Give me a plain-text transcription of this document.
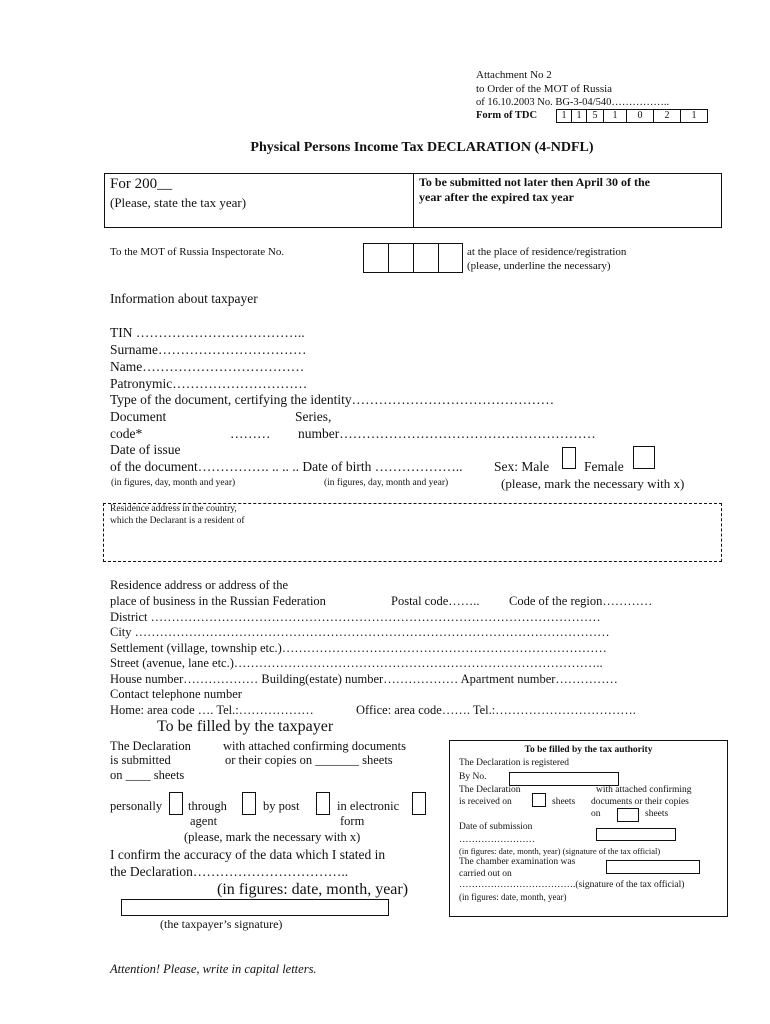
Attachment No 2
to Order of the MOT of Russia
of 16.10.2003 No. BG-3-04/540……………..
Form of TDC	1	1	5	1	0	2	1
Physical Persons Income Tax DECLARATION (4-NDFL)
For 200__
(Please, state the tax year)
To be submitted not later then April 30 of the
year after the expired tax year
To the MOT of Russia Inspectorate No.	at the place of residence/registration
(please, underline the necessary)
Information about taxpayer
TIN ………………………………..
Surname……………………………
Name………………………………
Patronymic…………………………
Type of the document, certifying the identity………………………………………
Document	Series,
code*	……… number…………………………………………………
Date of issue
of the document……………. .. .. .. Date of birth ……………….. Sex: Male	Female
(in figures, day, month and year)	(in figures, day, month and year)	(please, mark the necessary with x)
Residence address in the country,
which the Declarant is a resident of
Residence address or address of the
place of business in the Russian Federation	Postal code…….. Code of the region…………
District ………………………………………………………………………………………………
City ……………………………………………………………………………………………………
Settlement (village, township etc.)……………………………………………………………………
Street (avenue, lane etc.)……………………………………………………………………………..
House number……………… Building(estate) number……………… Apartment number……………
Contact telephone number
Home: area code …. Tel.:………………	Office: area code……. Tel.:…………………………….
To be filled by the taxpayer
The Declaration
is submitted
on ____ sheets
with attached confirming documents
or their copies on _______ sheets
personally through
agent
by post	in electronic
form
(please, mark the necessary with x)
I confirm the accuracy of the data which I stated in
the Declaration……………………………..
(in figures: date, month, year)
(the taxpayer’s signature)
To be filled by the tax authority
The Declaration is registered
By No.
The Declaration
is received on	sheets
with attached confirming
documents or their copies
on	sheets
Date of submission
……………………
(in figures: date, month, year) (signature of the tax official)
The chamber examination was
carried out on
……………………………….(signature of the tax official)
(in figures: date, month, year)
Attention! Please, write in capital letters.
